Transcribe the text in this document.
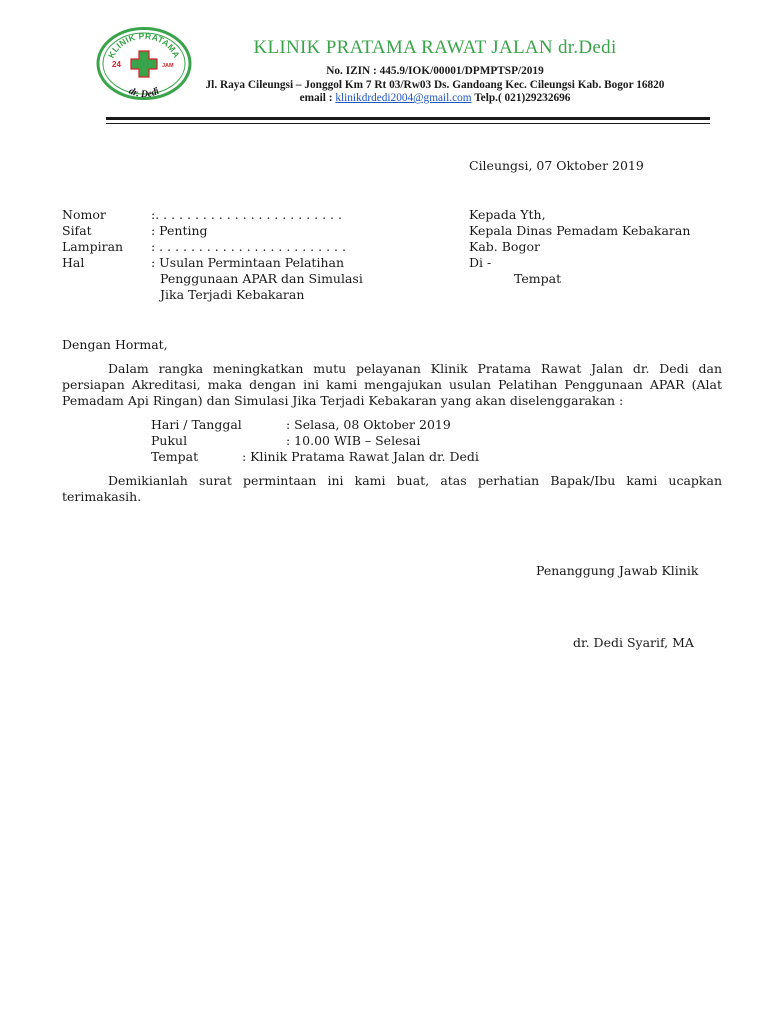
KLINIK PRATAMA
dr. Dedi
24	JAM
KLINIK PRATAMA RAWAT JALAN dr.Dedi
No. IZIN : 445.9/IOK/00001/DPMPTSP/2019
Jl. Raya Cileungsi – Jonggol Km 7 Rt 03/Rw03 Ds. Gandoang Kec. Cileungsi Kab. Bogor 16820
email : klinikdrdedi2004@gmail.com Telp.( 021)29232696
Cileungsi, 07 Oktober 2019
Nomor	:. . . . . . . . . . . . . . . . . . . . . . . .
Sifat	: Penting
Lampiran : . . . . . . . . . . . . . . . . . . . . . . . .
Hal	: Usulan Permintaan Pelatihan
Penggunaan APAR dan Simulasi
Jika Terjadi Kebakaran
Kepada Yth,
Kepala Dinas Pemadam Kebakaran
Kab. Bogor
Di -
Tempat
Dengan Hormat,
Dalam rangka meningkatkan mutu pelayanan Klinik Pratama Rawat Jalan dr. Dedi dan persiapan Akreditasi, maka dengan ini kami mengajukan usulan Pelatihan Penggunaan APAR (Alat Pemadam Api Ringan) dan Simulasi Jika Terjadi Kebakaran yang akan diselenggarakan :
Hari / Tanggal	: Selasa, 08 Oktober 2019
Pukul	: 10.00 WIB – Selesai
Tempat	: Klinik Pratama Rawat Jalan dr. Dedi
Demikianlah surat permintaan ini kami buat, atas perhatian Bapak/Ibu kami ucapkan terimakasih.
Penanggung Jawab Klinik
dr. Dedi Syarif, MA
